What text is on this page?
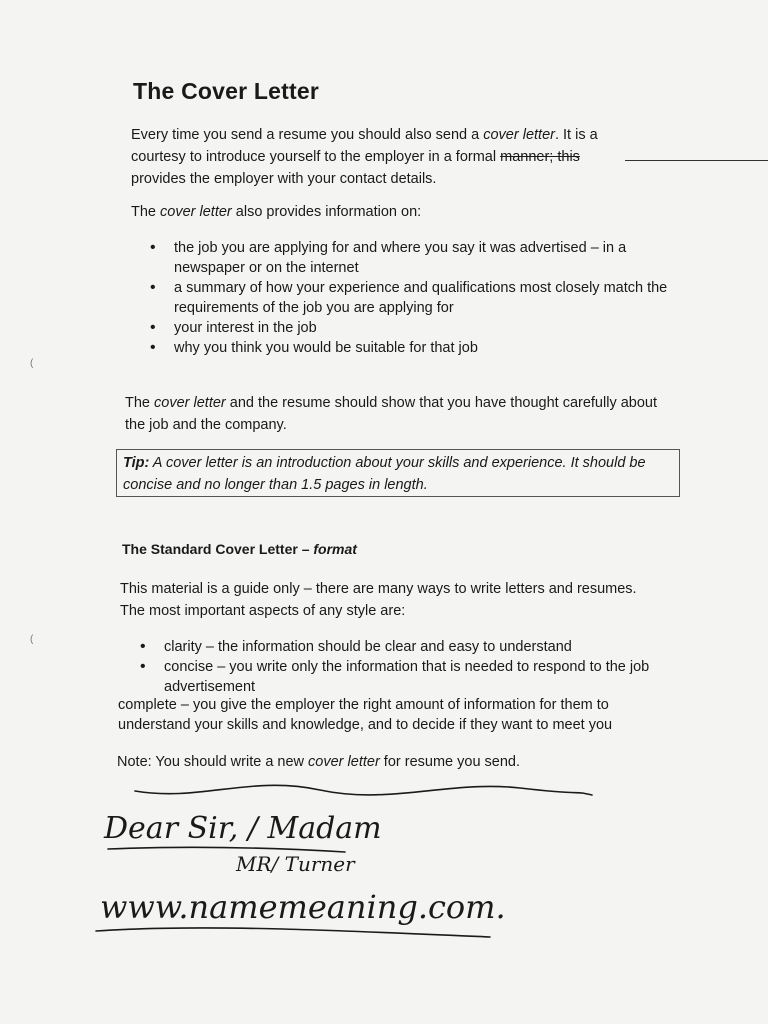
The Cover Letter
Every time you send a resume you should also send a cover letter. It is a
courtesy to introduce yourself to the employer in a formal manner; this
provides the employer with your contact details.
The cover letter also provides information on:
• the job you are applying for and where you say it was advertised – in a newspaper or on the internet
• a summary of how your experience and qualifications most closely match the requirements of the job you are applying for
• your interest in the job
• why you think you would be suitable for that job
The cover letter and the resume should show that you have thought carefully about the job and the company.
Tip: A cover letter is an introduction about your skills and experience. It should be concise and no longer than 1.5 pages in length.
The Standard Cover Letter – format
This material is a guide only – there are many ways to write letters and resumes. The most important aspects of any style are:
• clarity – the information should be clear and easy to understand
• concise – you write only the information that is needed to respond to the job advertisement
complete – you give the employer the right amount of information for them to understand your skills and knowledge, and to decide if they want to meet you
Note: You should write a new cover letter for resume you send.
Dear Sir, / Madam
MR/ Turner
www.namemeaning.com.
(
(
